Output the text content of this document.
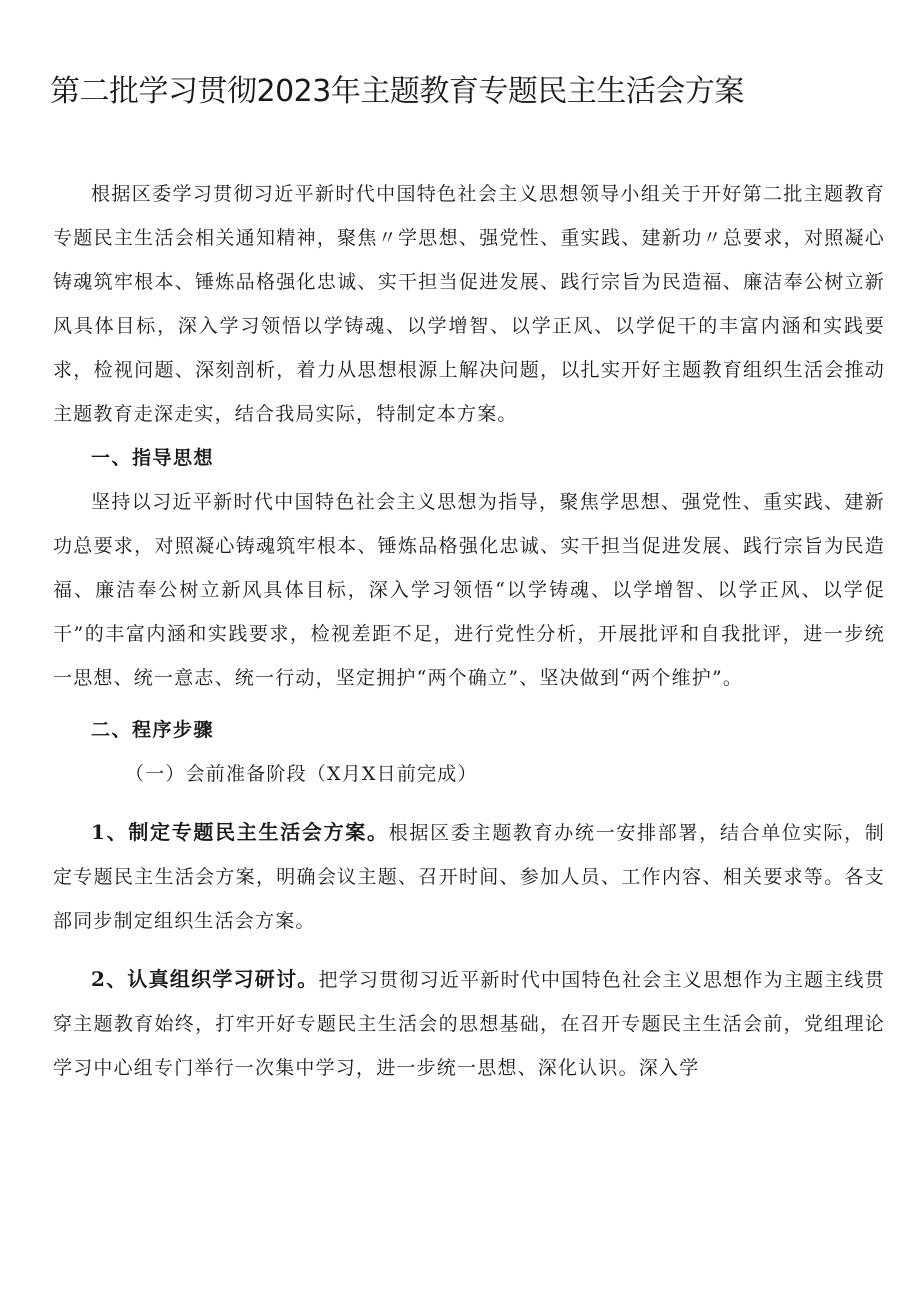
第二批学习贯彻2023年主题教育专题民主生活会方案

根据区委学习贯彻习近平新时代中国特色社会主义思想领导小组关于开好第二批主题教育专题民主生活会相关通知精神，聚焦〃学思想、强党性、重实践、建新功〃总要求，对照凝心铸魂筑牢根本、锤炼品格强化忠诚、实干担当促进发展、践行宗旨为民造福、廉洁奉公树立新风具体目标，深入学习领悟以学铸魂、以学增智、以学正风、以学促干的丰富内涵和实践要求，检视问题、深刻剖析，着力从思想根源上解决问题，以扎实开好主题教育组织生活会推动主题教育走深走实，结合我局实际，特制定本方案。

一、指导思想

坚持以习近平新时代中国特色社会主义思想为指导，聚焦学思想、强党性、重实践、建新功总要求，对照凝心铸魂筑牢根本、锤炼品格强化忠诚、实干担当促进发展、践行宗旨为民造福、廉洁奉公树立新风具体目标，深入学习领悟“以学铸魂、以学增智、以学正风、以学促干”的丰富内涵和实践要求，检视差距不足，进行党性分析，开展批评和自我批评，进一步统一思想、统一意志、统一行动，坚定拥护“两个确立”、坚决做到“两个维护”。

二、程序步骤

（一）会前准备阶段（X月X日前完成）

1、制定专题民主生活会方案。根据区委主题教育办统一安排部署，结合单位实际，制定专题民主生活会方案，明确会议主题、召开时间、参加人员、工作内容、相关要求等。各支部同步制定组织生活会方案。

2、认真组织学习研讨。把学习贯彻习近平新时代中国特色社会主义思想作为主题主线贯穿主题教育始终，打牢开好专题民主生活会的思想基础，在召开专题民主生活会前，党组理论学习中心组专门举行一次集中学习，进一步统一思想、深化认识。深入学
